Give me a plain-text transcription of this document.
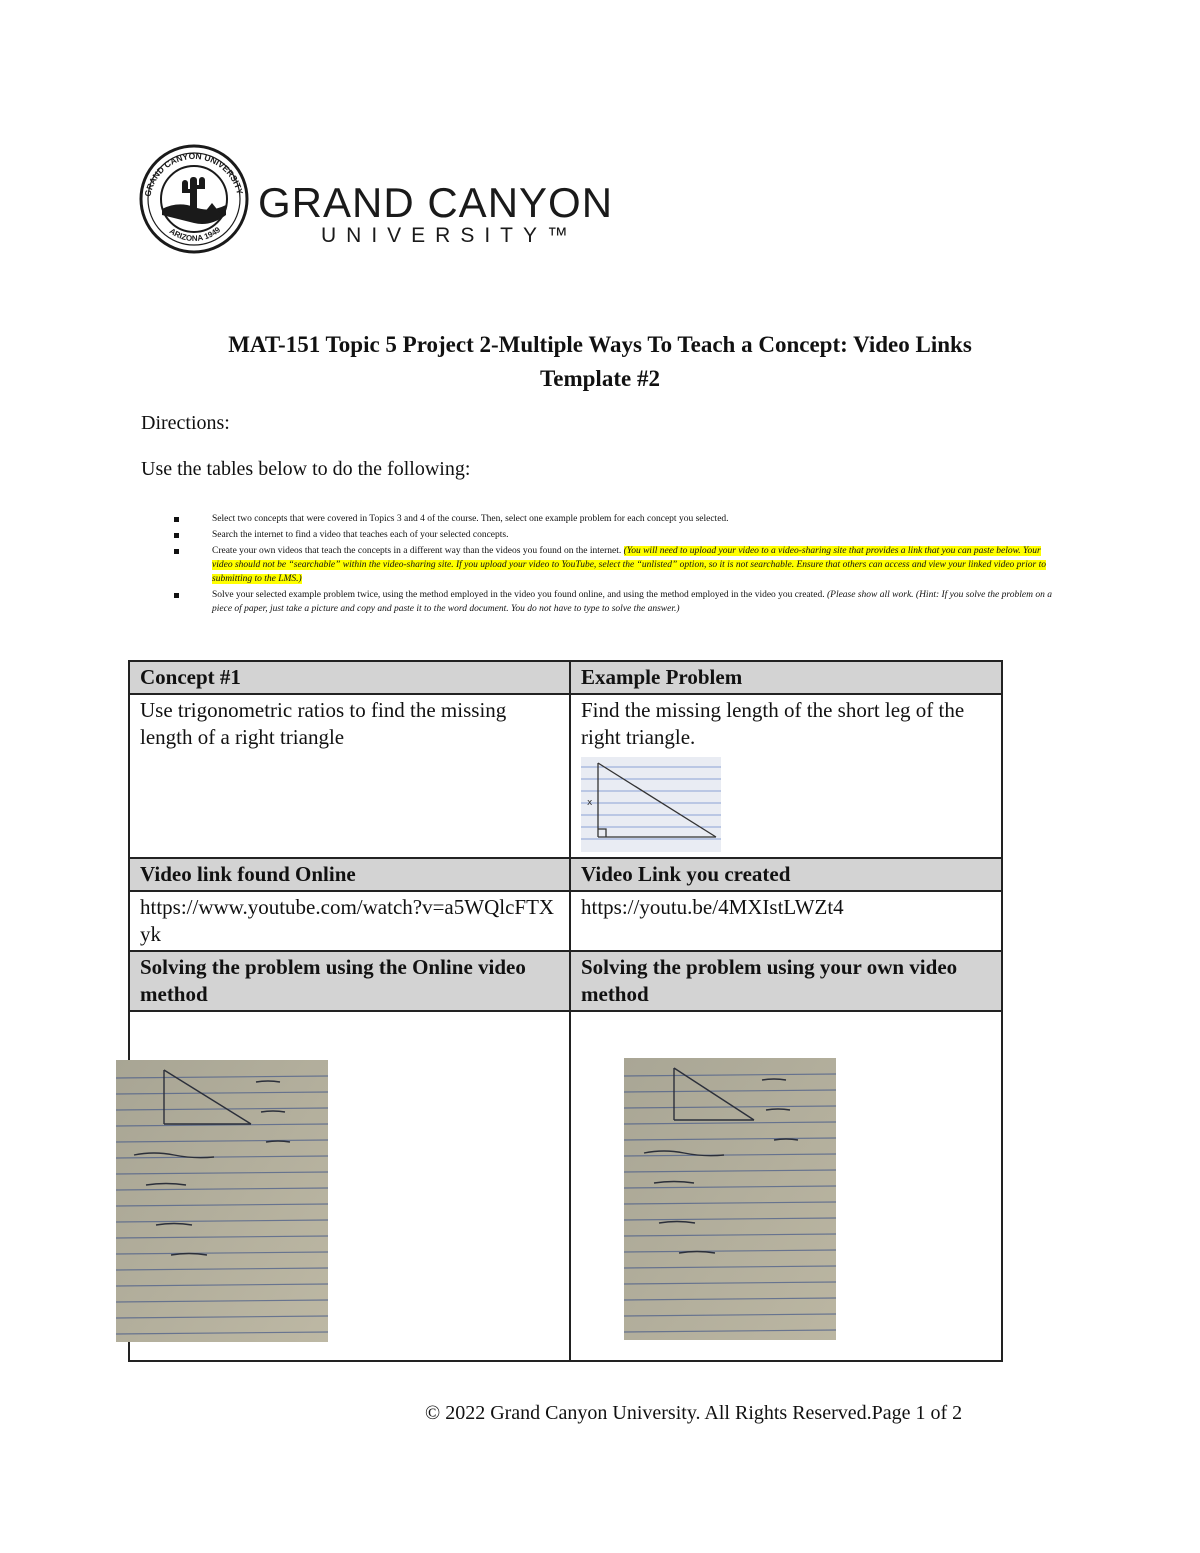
GRAND CANYON UNIVERSITY
ARIZONA 1949
GRAND CANYON
UNIVERSITY™
MAT-151 Topic 5 Project 2-Multiple Ways To Teach a Concept: Video Links
Template #2
Directions:
Use the tables below to do the following:
Select two concepts that were covered in Topics 3 and 4 of the course. Then, select one example problem for each concept you selected.
Search the internet to find a video that teaches each of your selected concepts.
Create your own videos that teach the concepts in a different way than the videos you found on the internet. (You will need to upload your video to a video-sharing site that provides a link that you can paste below. Your video should not be “searchable” within the video-sharing site. If you upload your video to YouTube, select the “unlisted” option, so it is not searchable. Ensure that others can access and view your linked video prior to submitting to the LMS.)
Solve your selected example problem twice, using the method employed in the video you found online, and using the method employed in the video you created. (Please show all work. (Hint: If you solve the problem on a piece of paper, just take a picture and copy and paste it to the word document. You do not have to type to solve the answer.)
Concept #1	Example Problem
Use trigonometric ratios to find the missing length of a right triangle	Find the missing length of the short leg of the right triangle.
x

Video link found Online	Video Link you created
https://www.youtube.com/watch?v=a5WQlcFTXyk	https://youtu.be/4MXIstLWZt4
Solving the problem using the Online video method	Solving the problem using your own video method

© 2022 Grand Canyon University. All Rights Reserved.Page 1 of 2
